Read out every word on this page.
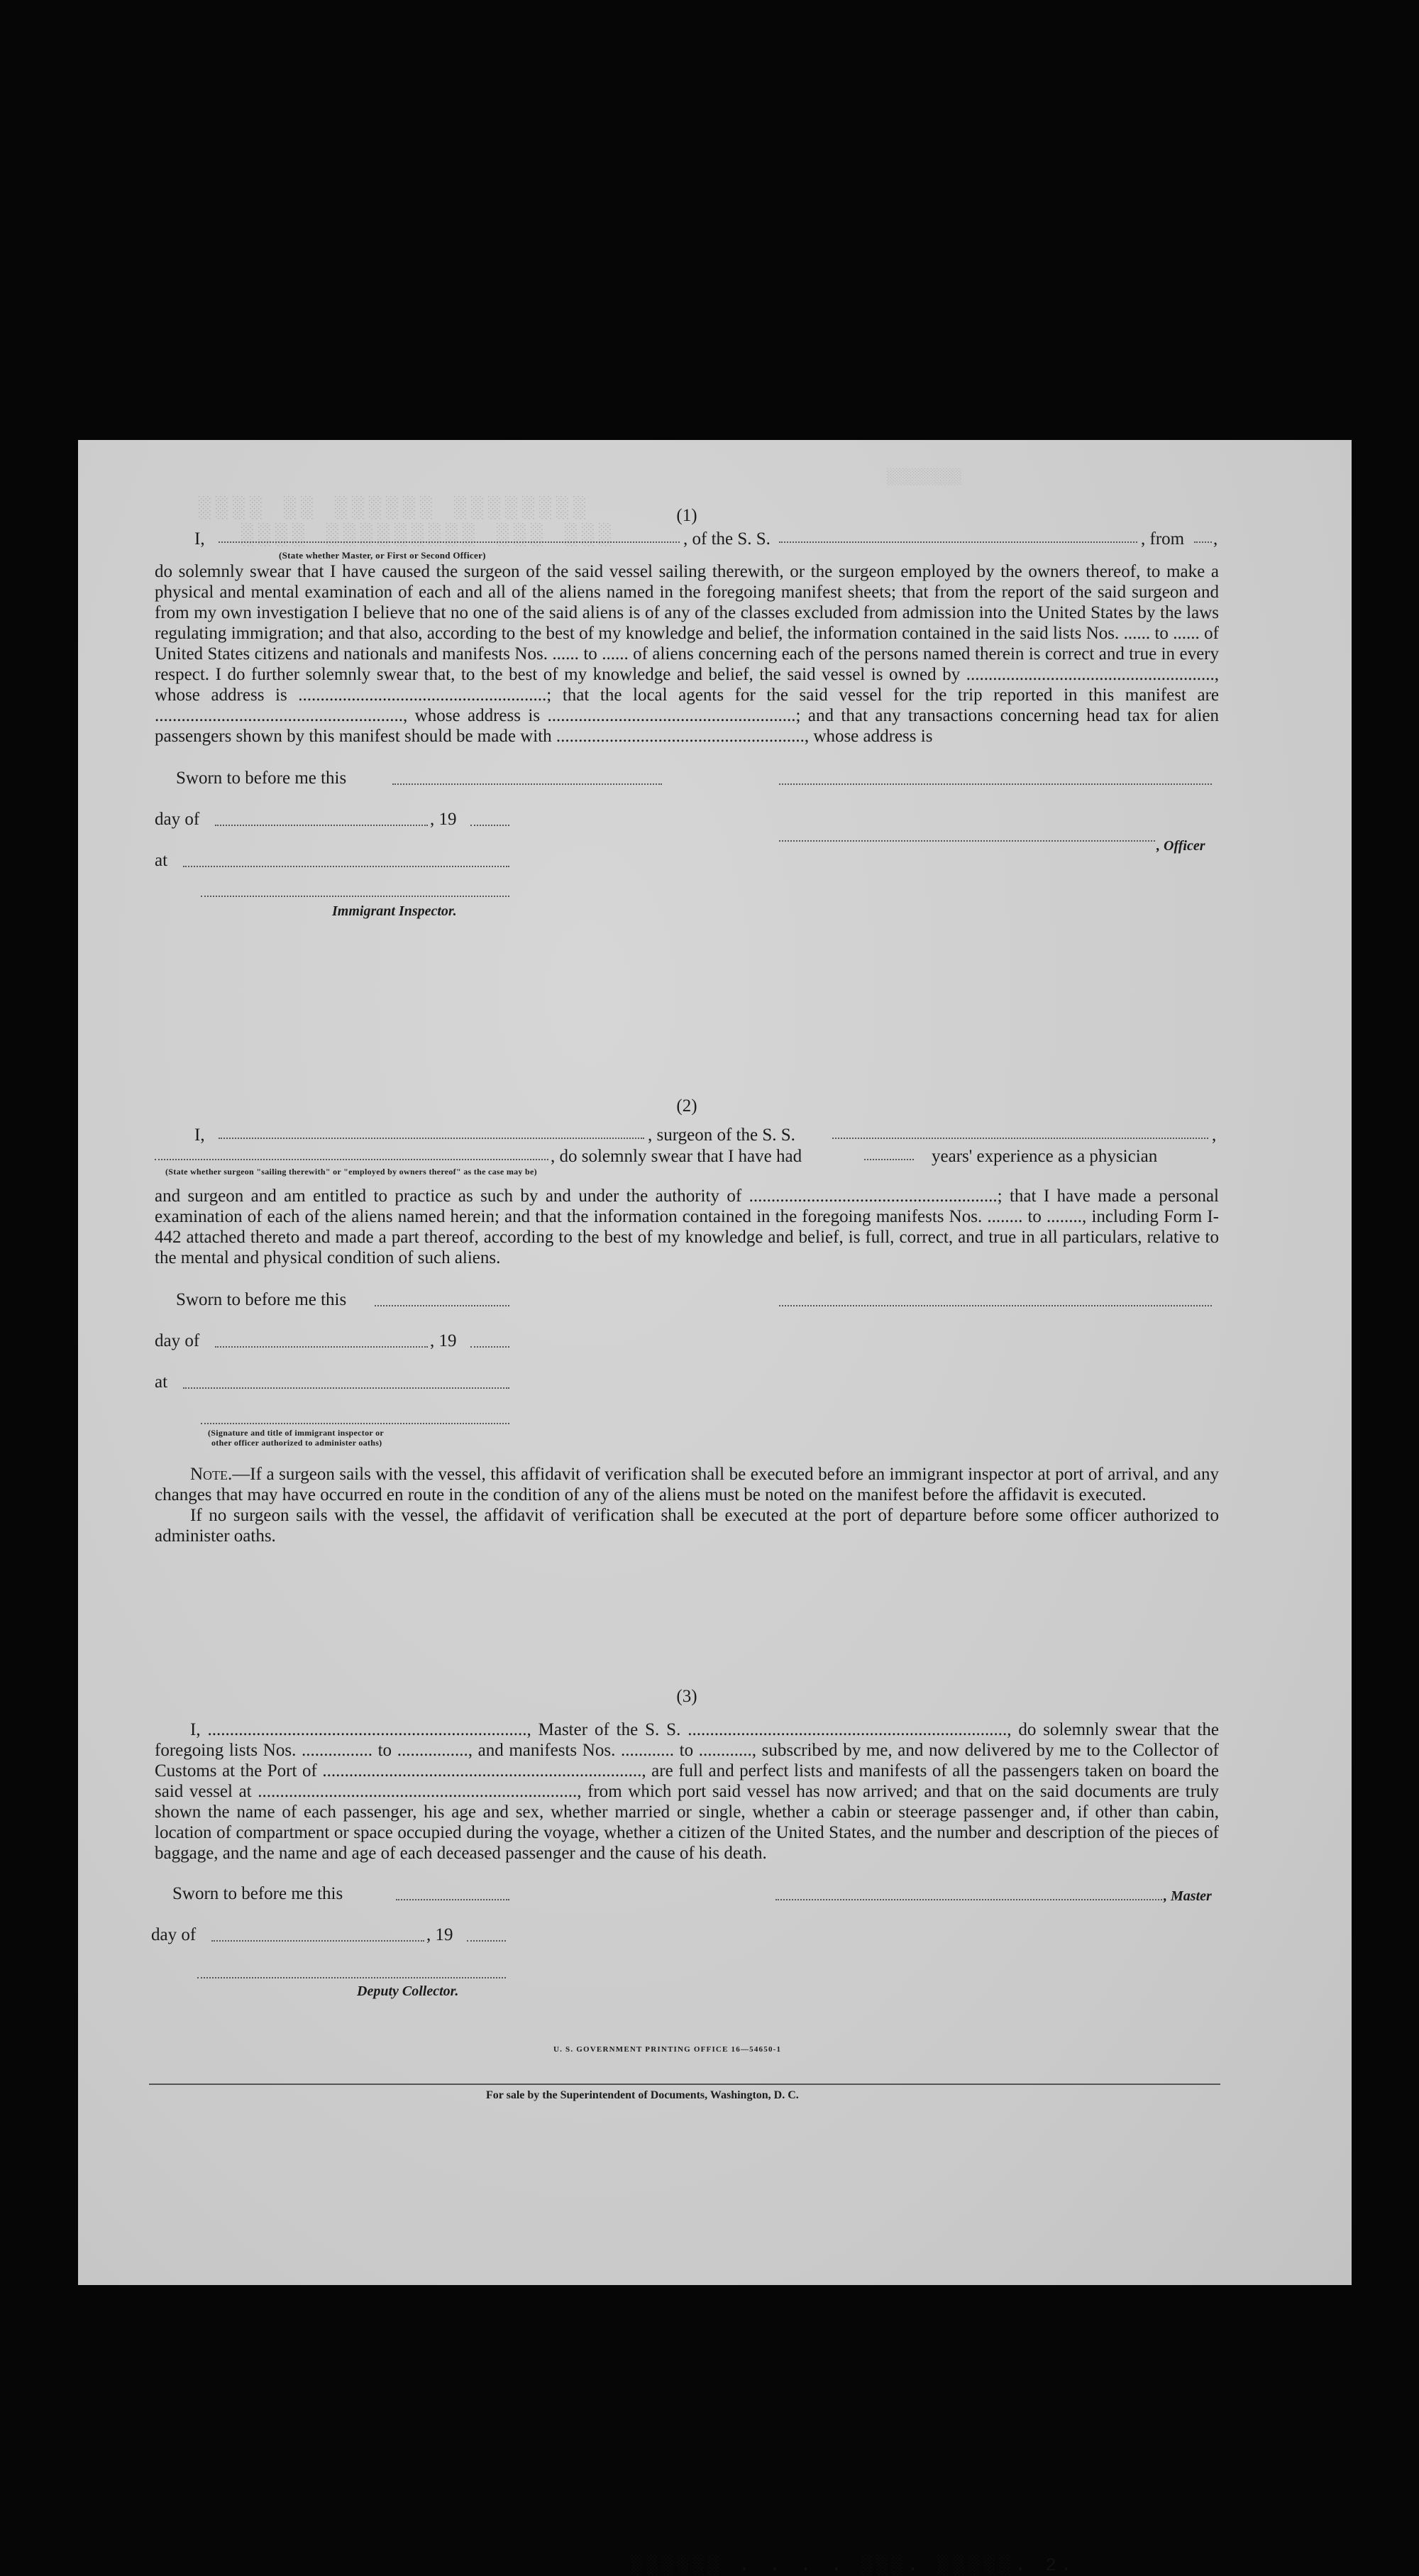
░░░░ ░░ ░░░░░░ ░░░░░░░░
░░░░ ░░░░░░░░░ ░░░ ░░░
░░░░░░░░
░░░░░░ . . . . ░░░. ░░░░░. 2.
(1)
I,	, of the S. S.	, from ,
(State whether Master, or First or Second Officer)

do solemnly swear that I have caused the surgeon of the said vessel sailing therewith, or the surgeon employed by the owners thereof, to make a physical and mental examination of each and all of the aliens named in the foregoing manifest sheets; that from the report of the said surgeon and from my own investigation I believe that no one of the said aliens is of any of the classes excluded from admission into the United States by the laws regulating immigration; and that also, according to the best of my knowledge and belief, the information contained in the said lists Nos. ...... to ...... of United States citizens and nationals and manifests Nos. ...... to ...... of aliens concerning each of the persons named therein is correct and true in every respect. I do further solemnly swear that, to the best of my knowledge and belief, the said vessel is owned by ........................................................, whose address is ........................................................; that the local agents for the said vessel for the trip reported in this manifest are ........................................................, whose address is ........................................................; and that any transactions concerning head tax for alien passengers shown by this manifest should be made with ........................................................, whose address is

Sworn to before me this
day of	, 19
, Officer
at
Immigrant Inspector.
(2)
I,	, surgeon of the S. S.	,
, do solemnly swear that I have had	years' experience as a physician
(State whether surgeon "sailing therewith" or "employed by owners thereof" as the case may be)

and surgeon and am entitled to practice as such by and under the authority of ........................................................; that I have made a personal examination of each of the aliens named herein; and that the information contained in the foregoing manifests Nos. ........ to ........, including Form I-442 attached thereto and made a part thereof, according to the best of my knowledge and belief, is full, correct, and true in all particulars, relative to the mental and physical condition of such aliens.

Sworn to before me this
day of	, 19
at
(Signature and title of immigrant inspector or
other officer authorized to administer oaths)

Note.—If a surgeon sails with the vessel, this affidavit of verification shall be executed before an immigrant inspector at port of arrival, and any changes that may have occurred en route in the condition of any of the aliens must be noted on the manifest before the affidavit is executed.

If no surgeon sails with the vessel, the affidavit of verification shall be executed at the port of departure before some officer authorized to administer oaths.

(3)

I, ........................................................................, Master of the S. S. ........................................................................, do solemnly swear that the foregoing lists Nos. ................ to ................, and manifests Nos. ............ to ............, subscribed by me, and now delivered by me to the Collector of Customs at the Port of ........................................................................, are full and perfect lists and manifests of all the passengers taken on board the said vessel at ........................................................................, from which port said vessel has now arrived; and that on the said documents are truly shown the name of each passenger, his age and sex, whether married or single, whether a cabin or steerage passenger and, if other than cabin, location of compartment or space occupied during the voyage, whether a citizen of the United States, and the number and description of the pieces of baggage, and the name and age of each deceased passenger and the cause of his death.

Sworn to before me this	, Master
day of	, 19
Deputy Collector.
U. S. GOVERNMENT PRINTING OFFICE 16—54650-1
For sale by the Superintendent of Documents, Washington, D. C.
